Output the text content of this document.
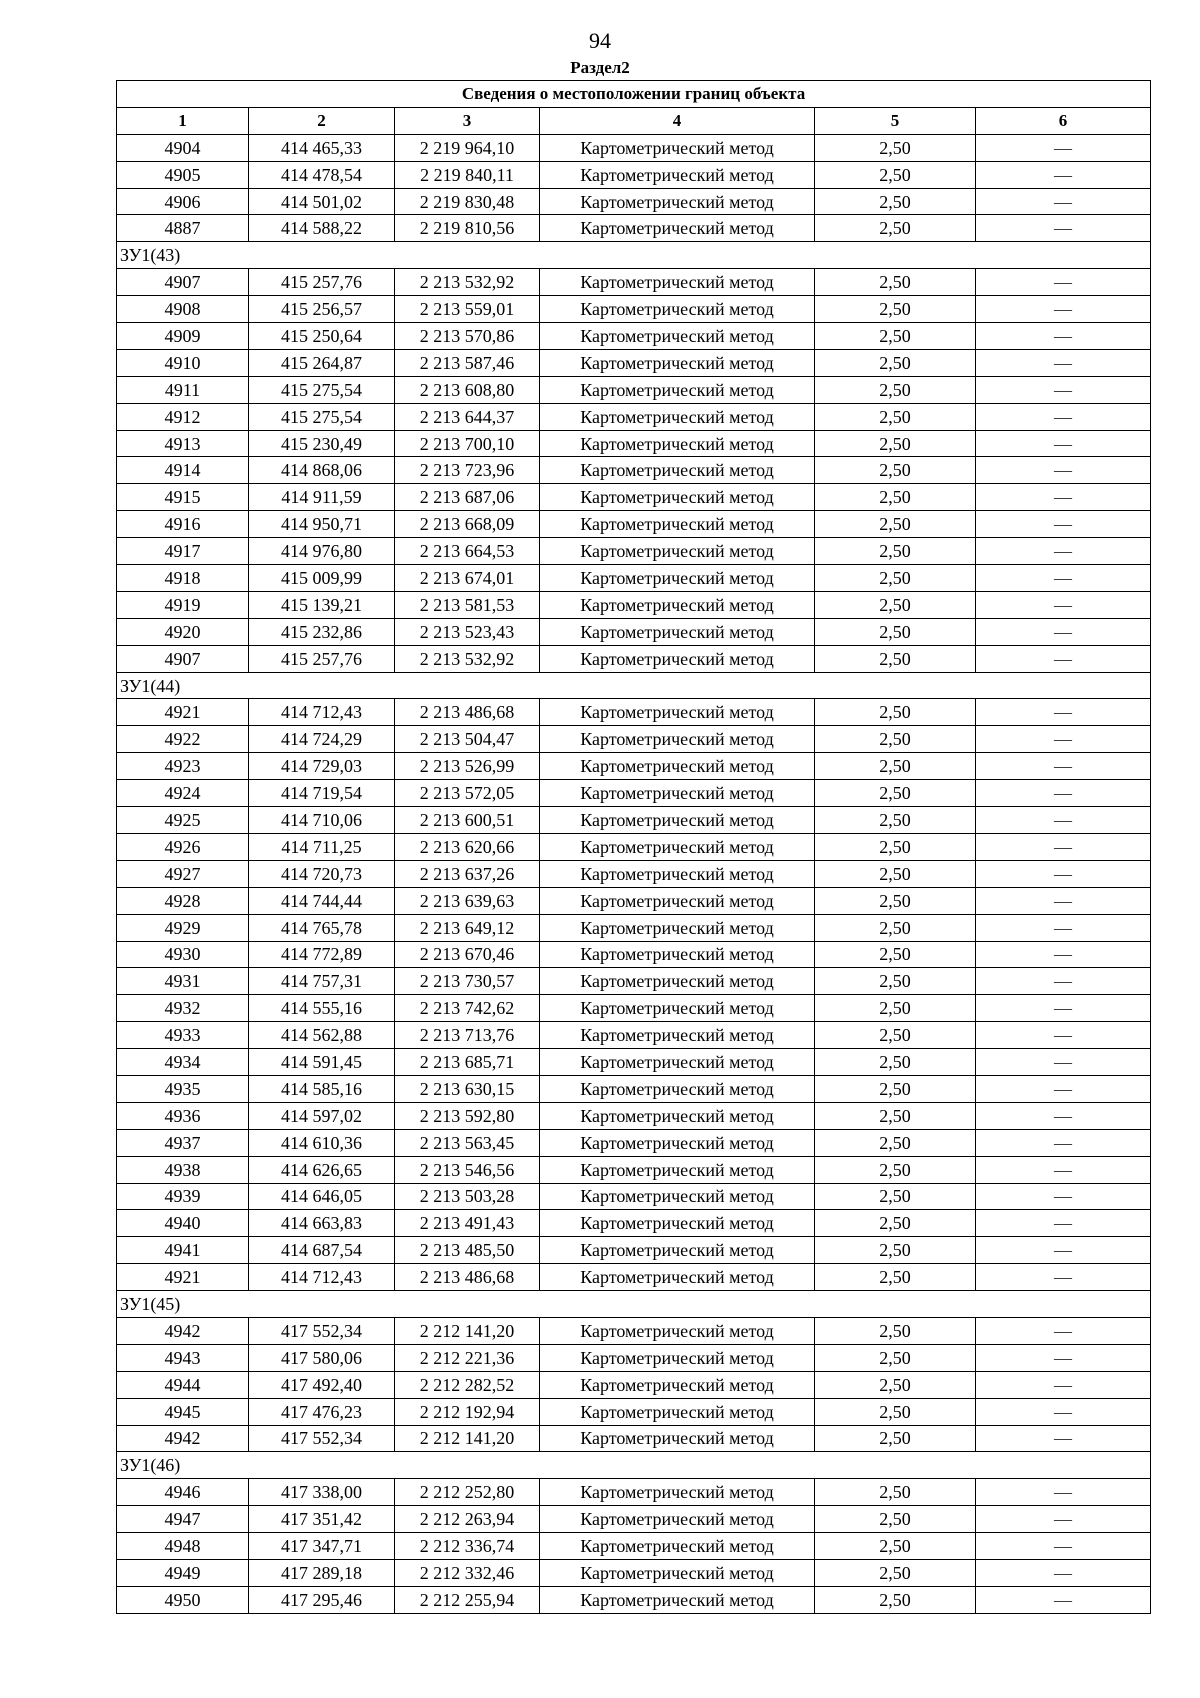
94
Раздел2
Сведения о местоположении границ объекта					
1	2	3	4	5	6
4904	414 465,33	2 219 964,10	Картометрический метод	2,50	—
4905	414 478,54	2 219 840,11	Картометрический метод	2,50	—
4906	414 501,02	2 219 830,48	Картометрический метод	2,50	—
4887	414 588,22	2 219 810,56	Картометрический метод	2,50	—
ЗУ1(43)					
4907	415 257,76	2 213 532,92	Картометрический метод	2,50	—
4908	415 256,57	2 213 559,01	Картометрический метод	2,50	—
4909	415 250,64	2 213 570,86	Картометрический метод	2,50	—
4910	415 264,87	2 213 587,46	Картометрический метод	2,50	—
4911	415 275,54	2 213 608,80	Картометрический метод	2,50	—
4912	415 275,54	2 213 644,37	Картометрический метод	2,50	—
4913	415 230,49	2 213 700,10	Картометрический метод	2,50	—
4914	414 868,06	2 213 723,96	Картометрический метод	2,50	—
4915	414 911,59	2 213 687,06	Картометрический метод	2,50	—
4916	414 950,71	2 213 668,09	Картометрический метод	2,50	—
4917	414 976,80	2 213 664,53	Картометрический метод	2,50	—
4918	415 009,99	2 213 674,01	Картометрический метод	2,50	—
4919	415 139,21	2 213 581,53	Картометрический метод	2,50	—
4920	415 232,86	2 213 523,43	Картометрический метод	2,50	—
4907	415 257,76	2 213 532,92	Картометрический метод	2,50	—
ЗУ1(44)					
4921	414 712,43	2 213 486,68	Картометрический метод	2,50	—
4922	414 724,29	2 213 504,47	Картометрический метод	2,50	—
4923	414 729,03	2 213 526,99	Картометрический метод	2,50	—
4924	414 719,54	2 213 572,05	Картометрический метод	2,50	—
4925	414 710,06	2 213 600,51	Картометрический метод	2,50	—
4926	414 711,25	2 213 620,66	Картометрический метод	2,50	—
4927	414 720,73	2 213 637,26	Картометрический метод	2,50	—
4928	414 744,44	2 213 639,63	Картометрический метод	2,50	—
4929	414 765,78	2 213 649,12	Картометрический метод	2,50	—
4930	414 772,89	2 213 670,46	Картометрический метод	2,50	—
4931	414 757,31	2 213 730,57	Картометрический метод	2,50	—
4932	414 555,16	2 213 742,62	Картометрический метод	2,50	—
4933	414 562,88	2 213 713,76	Картометрический метод	2,50	—
4934	414 591,45	2 213 685,71	Картометрический метод	2,50	—
4935	414 585,16	2 213 630,15	Картометрический метод	2,50	—
4936	414 597,02	2 213 592,80	Картометрический метод	2,50	—
4937	414 610,36	2 213 563,45	Картометрический метод	2,50	—
4938	414 626,65	2 213 546,56	Картометрический метод	2,50	—
4939	414 646,05	2 213 503,28	Картометрический метод	2,50	—
4940	414 663,83	2 213 491,43	Картометрический метод	2,50	—
4941	414 687,54	2 213 485,50	Картометрический метод	2,50	—
4921	414 712,43	2 213 486,68	Картометрический метод	2,50	—
ЗУ1(45)					
4942	417 552,34	2 212 141,20	Картометрический метод	2,50	—
4943	417 580,06	2 212 221,36	Картометрический метод	2,50	—
4944	417 492,40	2 212 282,52	Картометрический метод	2,50	—
4945	417 476,23	2 212 192,94	Картометрический метод	2,50	—
4942	417 552,34	2 212 141,20	Картометрический метод	2,50	—
ЗУ1(46)					
4946	417 338,00	2 212 252,80	Картометрический метод	2,50	—
4947	417 351,42	2 212 263,94	Картометрический метод	2,50	—
4948	417 347,71	2 212 336,74	Картометрический метод	2,50	—
4949	417 289,18	2 212 332,46	Картометрический метод	2,50	—
4950	417 295,46	2 212 255,94	Картометрический метод	2,50	—
